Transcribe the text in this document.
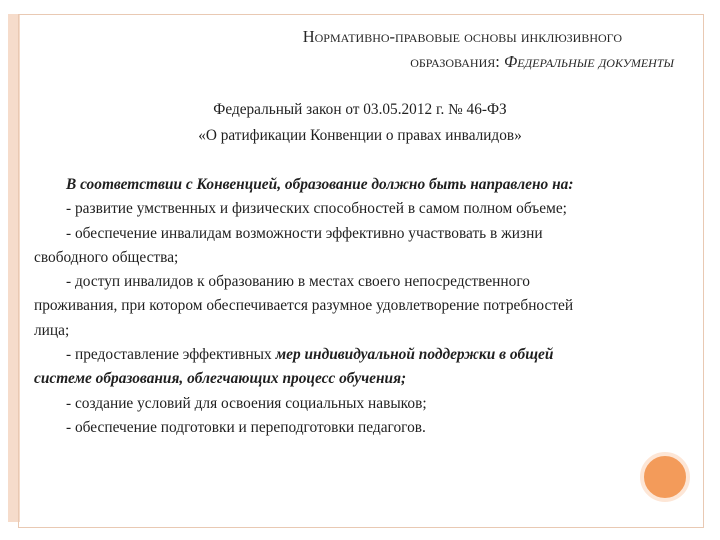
Нормативно-правовые основы инклюзивного
образования: Федеральные документы
Федеральный закон от 03.05.2012 г. № 46-ФЗ
«О ратификации Конвенции о правах инвалидов»

В соответствии с Конвенцией, образование должно быть направлено на:

- развитие умственных и физических способностей в самом полном объеме;

- обеспечение инвалидам возможности эффективно участвовать в жизни

свободного общества;

- доступ инвалидов к образованию в местах своего непосредственного

проживания, при котором обеспечивается разумное удовлетворение потребностей

лица;

- предоставление эффективных мер индивидуальной поддержки в общей

системе образования, облегчающих процесс обучения;

- создание условий для освоения социальных навыков;

- обеспечение подготовки и переподготовки педагогов.
